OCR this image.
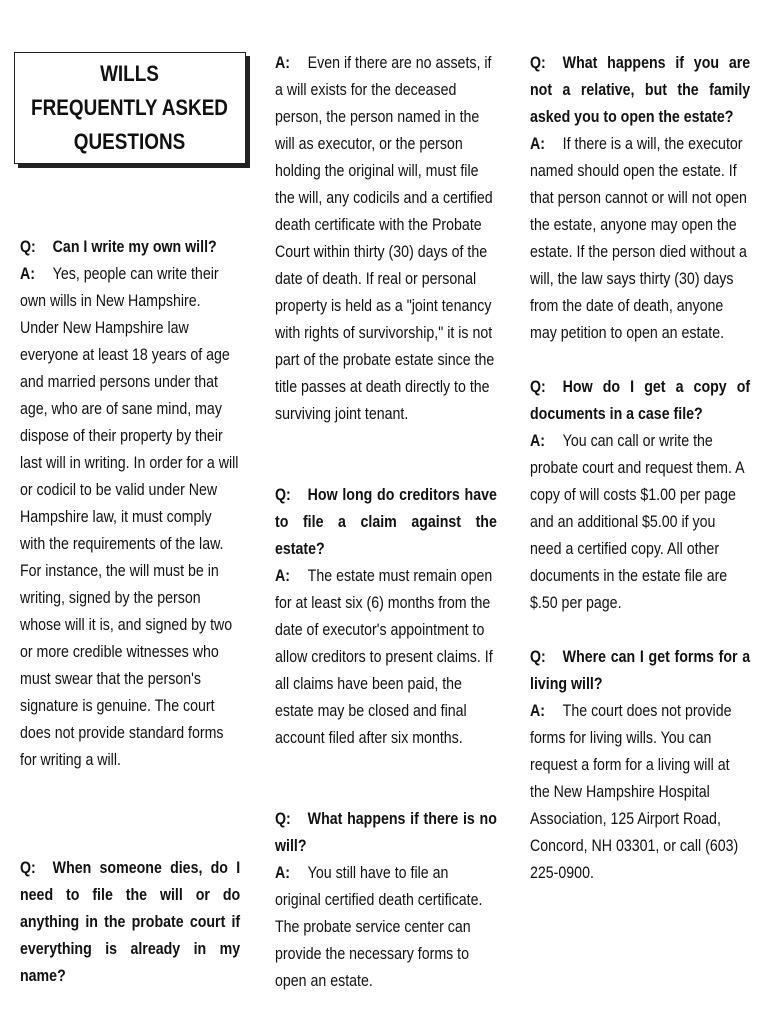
WILLS
FREQUENTLY ASKED
QUESTIONS
Q: Can I write my own will?
A: Yes, people can write their own wills in New Hampshire. Under New Hampshire law everyone at least 18 years of age and married persons under that age, who are of sane mind, may dispose of their property by their last will in writing. In order for a will or codicil to be valid under New Hampshire law, it must comply with the requirements of the law. For instance, the will must be in writing, signed by the person whose will it is, and signed by two or more credible witnesses who must swear that the person's signature is genuine. The court does not provide standard forms for writing a will.
Q: When someone dies, do I need to file the will or do anything in the probate court if everything is already in my name?
A: Even if there are no assets, if a will exists for the deceased person, the person named in the will as executor, or the person holding the original will, must file the will, any codicils and a certified death certificate with the Probate Court within thirty (30) days of the date of death. If real or personal property is held as a "joint tenancy with rights of survivorship," it is not part of the probate estate since the title passes at death directly to the surviving joint tenant.
Q: How long do creditors have to file a claim against the estate?
A: The estate must remain open for at least six (6) months from the date of executor's appointment to allow creditors to present claims. If all claims have been paid, the estate may be closed and final account filed after six months.
Q: What happens if there is no will?
A: You still have to file an original certified death certificate. The probate service center can provide the necessary forms to open an estate.
Q: What happens if you are not a relative, but the family asked you to open the estate?
A: If there is a will, the executor named should open the estate. If that person cannot or will not open the estate, anyone may open the estate. If the person died without a will, the law says thirty (30) days from the date of death, anyone may petition to open an estate.
Q: How do I get a copy of documents in a case file?
A: You can call or write the probate court and request them. A copy of will costs $1.00 per page and an additional $5.00 if you need a certified copy. All other documents in the estate file are $.50 per page.
Q: Where can I get forms for a living will?
A: The court does not provide forms for living wills. You can request a form for a living will at the New Hampshire Hospital Association, 125 Airport Road, Concord, NH 03301, or call (603) 225-0900.
